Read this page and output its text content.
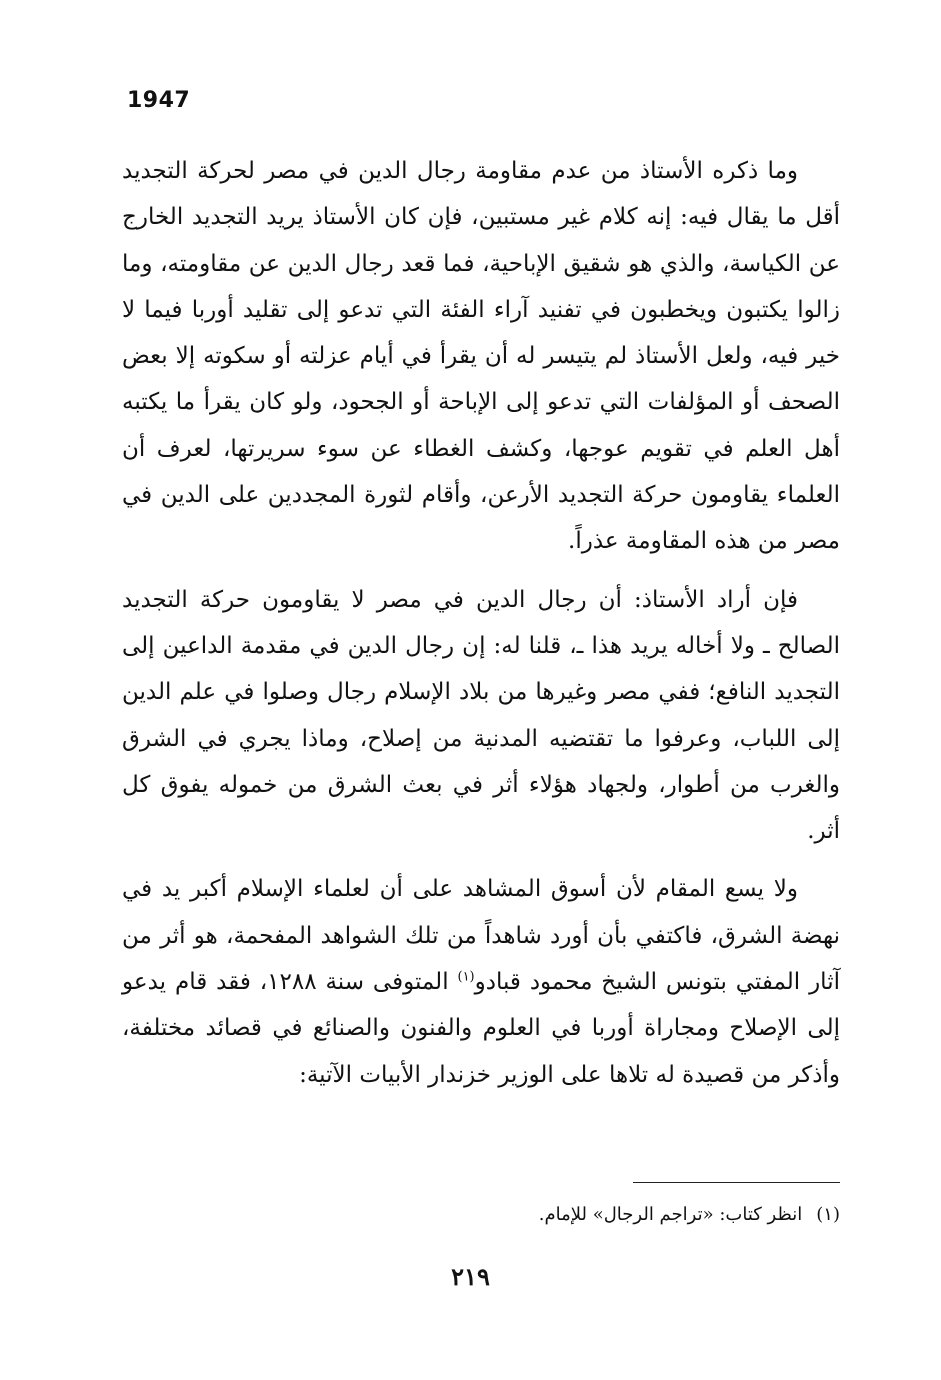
1947

وما ذكره الأستاذ من عدم مقاومة رجال الدين في مصر لحركة التجديد أقل ما يقال فيه: إنه كلام غير مستبين، فإن كان الأستاذ يريد التجديد الخارج عن الكياسة، والذي هو شقيق الإباحية، فما قعد رجال الدين عن مقاومته، وما زالوا يكتبون ويخطبون في تفنيد آراء الفئة التي تدعو إلى تقليد أوربا فيما لا خير فيه، ولعل الأستاذ لم يتيسر له أن يقرأ في أيام عزلته أو سكوته إلا بعض الصحف أو المؤلفات التي تدعو إلى الإباحة أو الجحود، ولو كان يقرأ ما يكتبه أهل العلم في تقويم عوجها، وكشف الغطاء عن سوء سريرتها، لعرف أن العلماء يقاومون حركة التجديد الأرعن، وأقام لثورة المجددين على الدين في مصر من هذه المقاومة عذراً.

فإن أراد الأستاذ: أن رجال الدين في مصر لا يقاومون حركة التجديد الصالح ـ ولا أخاله يريد هذا ـ، قلنا له: إن رجال الدين في مقدمة الداعين إلى التجديد النافع؛ ففي مصر وغيرها من بلاد الإسلام رجال وصلوا في علم الدين إلى اللباب، وعرفوا ما تقتضيه المدنية من إصلاح، وماذا يجري في الشرق والغرب من أطوار، ولجهاد هؤلاء أثر في بعث الشرق من خموله يفوق كل أثر.

ولا يسع المقام لأن أسوق المشاهد على أن لعلماء الإسلام أكبر يد في نهضة الشرق، فاكتفي بأن أورد شاهداً من تلك الشواهد المفحمة، هو أثر من آثار المفتي بتونس الشيخ محمود قبادو$^{(١)}$ المتوفى سنة ١٢٨٨، فقد قام يدعو إلى الإصلاح ومجاراة أوربا في العلوم والفنون والصنائع في قصائد مختلفة، وأذكر من قصيدة له تلاها على الوزير خزندار الأبيات الآتية:

(١)انظر كتاب: «تراجم الرجال» للإمام.
٢١٩
